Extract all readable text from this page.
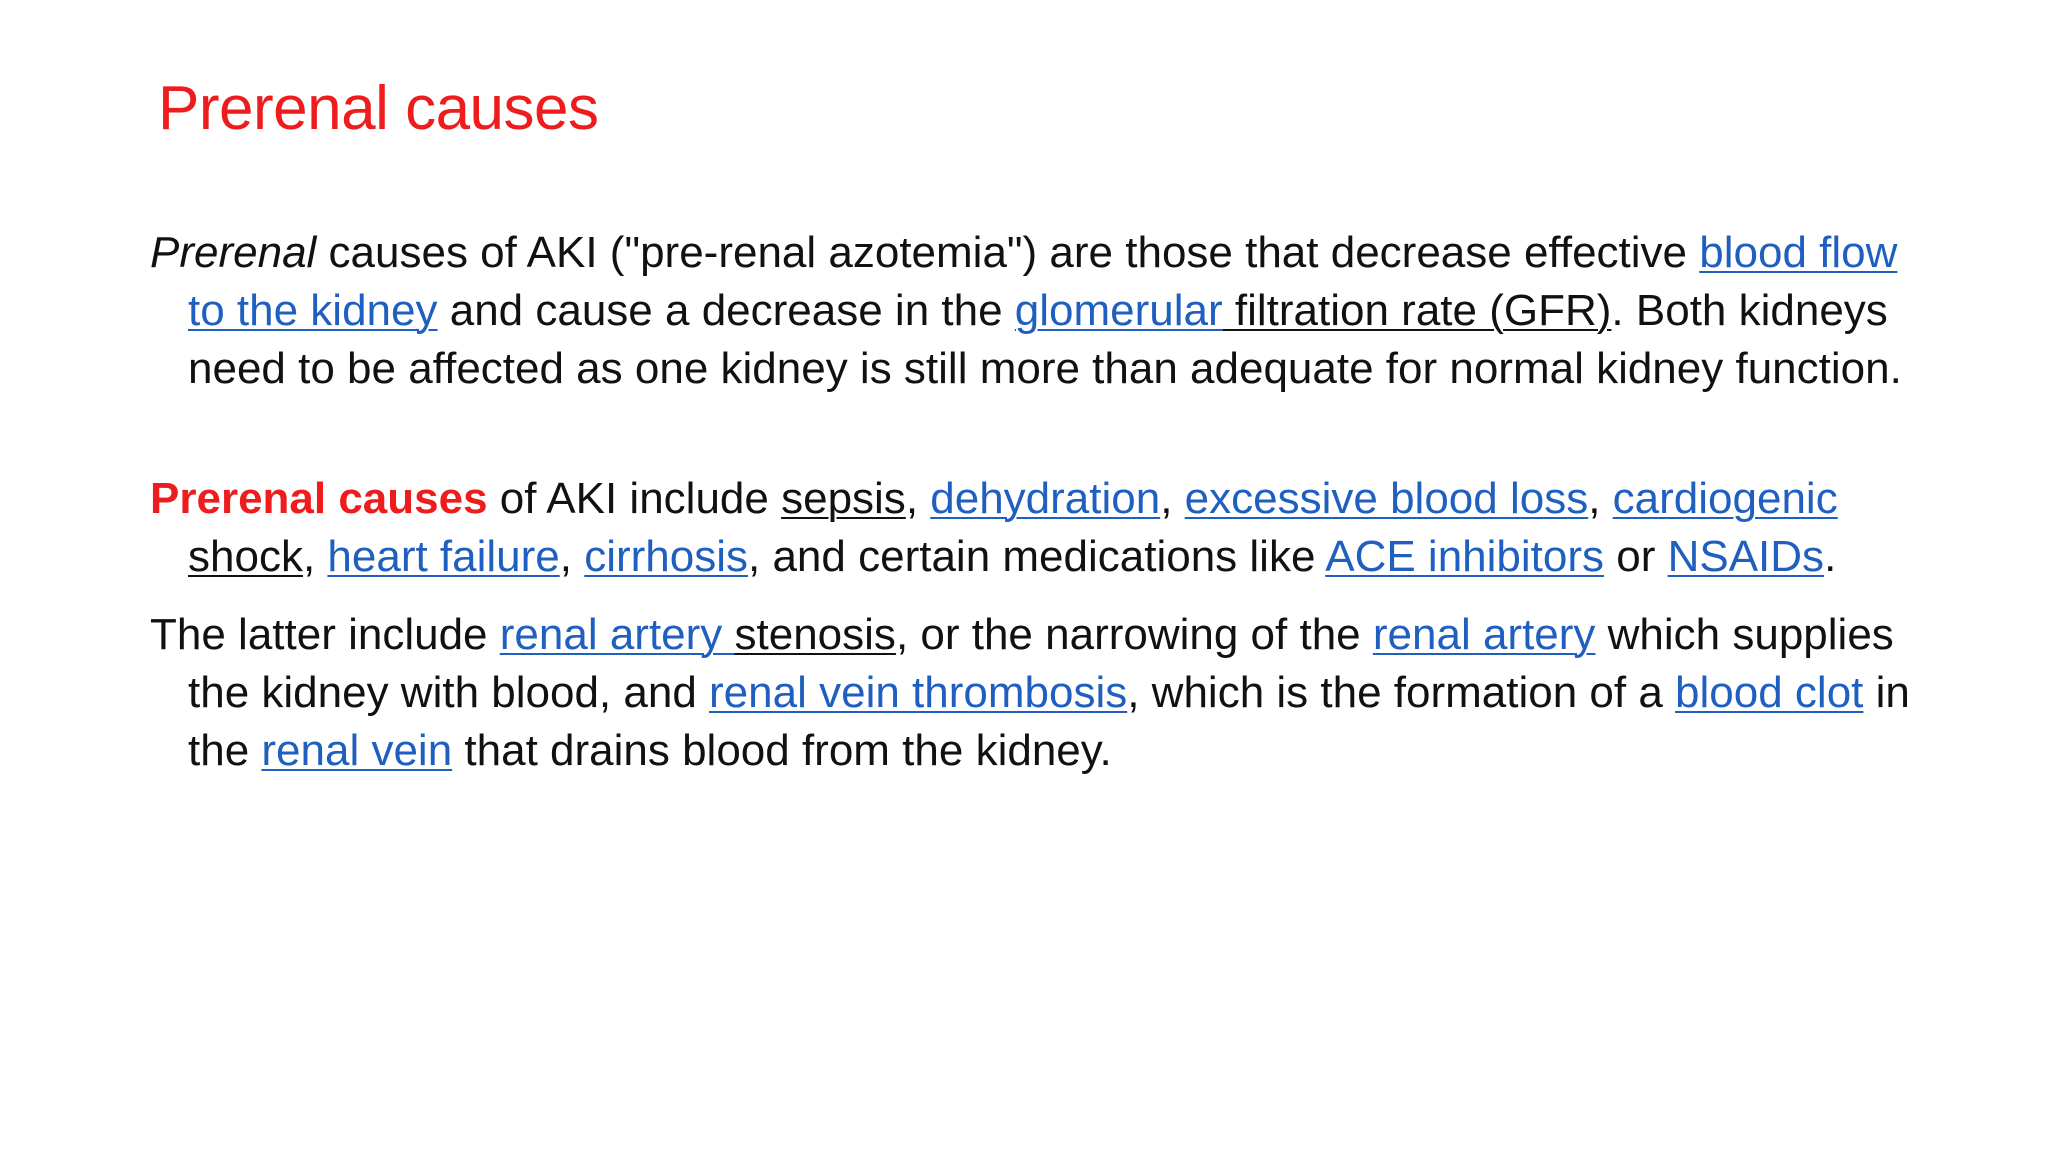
Prerenal causes

Prerenal causes of AKI ("pre-renal azotemia") are those that decrease effective blood flow to the kidney and cause a decrease in the glomerular filtration rate (GFR). Both kidneys need to be affected as one kidney is still more than adequate for normal kidney function.

Prerenal causes of AKI include sepsis, dehydration, excessive blood loss, cardiogenic shock, heart failure, cirrhosis, and certain medications like ACE inhibitors or NSAIDs.

The latter include renal artery stenosis, or the narrowing of the renal artery which supplies the kidney with blood, and renal vein thrombosis, which is the formation of a blood clot in the renal vein that drains blood from the kidney.
